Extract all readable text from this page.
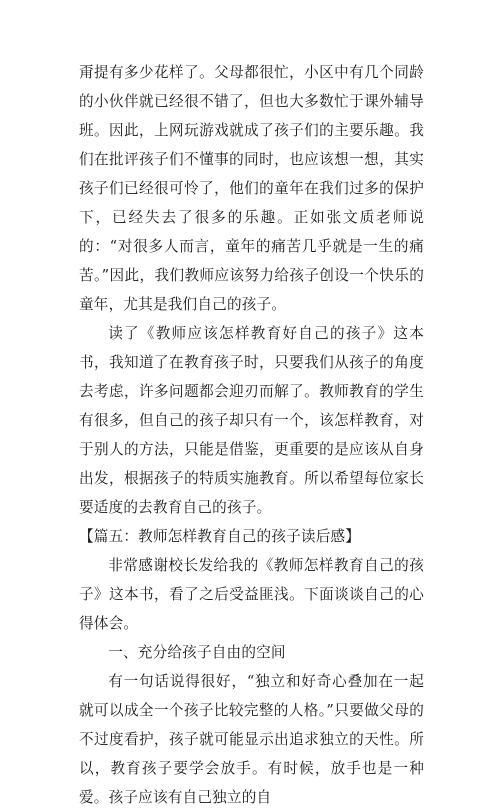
甭提有多少花样了。父母都很忙，小区中有几个同龄的小伙伴就已经很不错了，但也大多数忙于课外辅导班。因此，上网玩游戏就成了孩子们的主要乐趣。我们在批评孩子们不懂事的同时，也应该想一想，其实孩子们已经很可怜了，他们的童年在我们过多的保护下，已经失去了很多的乐趣。正如张文质老师说的：“对很多人而言，童年的痛苦几乎就是一生的痛苦。”因此，我们教师应该努力给孩子创设一个快乐的童年，尤其是我们自己的孩子。

读了《教师应该怎样教育好自己的孩子》这本书，我知道了在教育孩子时，只要我们从孩子的角度去考虑，许多问题都会迎刃而解了。教师教育的学生有很多，但自己的孩子却只有一个，该怎样教育，对于别人的方法，只能是借鉴，更重要的是应该从自身出发，根据孩子的特质实施教育。所以希望每位家长要适度的去教育自己的孩子。

【篇五：教师怎样教育自己的孩子读后感】

非常感谢校长发给我的《教师怎样教育自己的孩子》这本书，看了之后受益匪浅。下面谈谈自己的心得体会。

一、充分给孩子自由的空间

有一句话说得很好，“独立和好奇心叠加在一起就可以成全一个孩子比较完整的人格。”只要做父母的不过度看护，孩子就可能显示出追求独立的天性。所以，教育孩子要学会放手。有时候，放手也是一种爱。孩子应该有自己独立的自
